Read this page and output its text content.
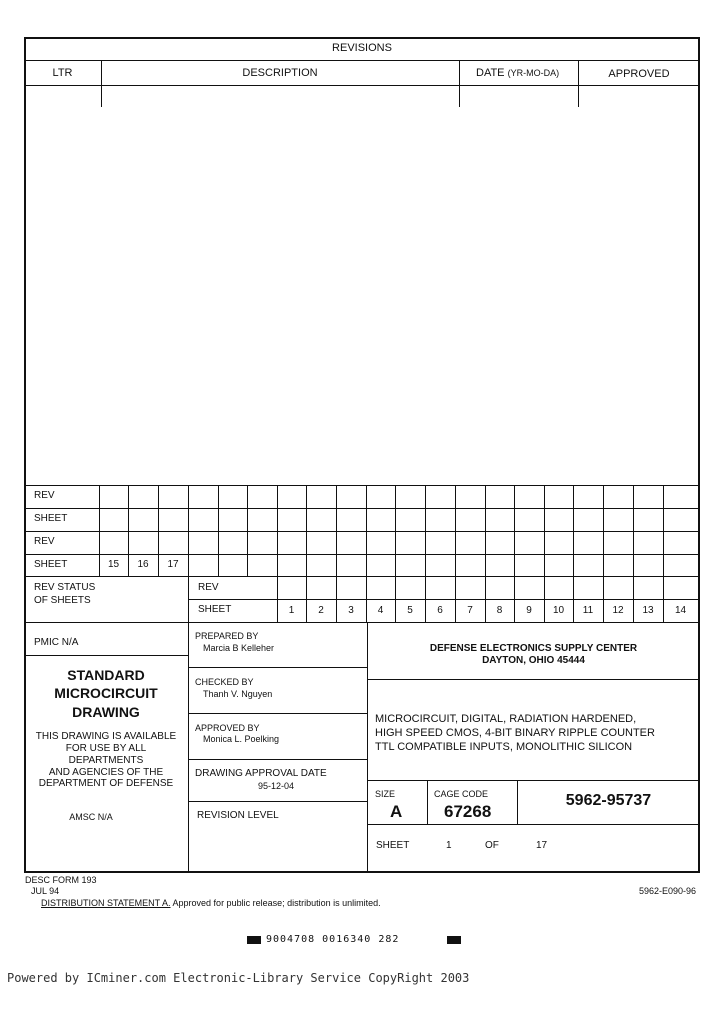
REVISIONS
LTR	DESCRIPTION	DATE (YR-MO-DA)	APPROVED
REV
SHEET
REV
SHEET	15	16	17
REV STATUS
OF SHEETS
REV
SHEET	1	2	3	4	5	6	7	8	9	10	11	12	13	14
PMIC N/A
STANDARD
MICROCIRCUIT
DRAWING
THIS DRAWING IS AVAILABLE
FOR USE BY ALL
DEPARTMENTS
AND AGENCIES OF THE
DEPARTMENT OF DEFENSE
AMSC N/A
PREPARED BY
Marcia B Kelleher
CHECKED BY
Thanh V. Nguyen
APPROVED BY
Monica L. Poelking
DRAWING APPROVAL DATE
95-12-04
REVISION LEVEL
DEFENSE ELECTRONICS SUPPLY CENTER
DAYTON, OHIO 45444
MICROCIRCUIT, DIGITAL, RADIATION HARDENED,
HIGH SPEED CMOS, 4-BIT BINARY RIPPLE COUNTER
TTL COMPATIBLE INPUTS, MONOLITHIC SILICON
SIZE
A
CAGE CODE
67268
5962-95737
SHEET	1	OF	17
DESC FORM 193
JUL 94	5962-E090-96
DISTRIBUTION STATEMENT A. Approved for public release; distribution is unlimited.
9004708 0016340 282
Powered by ICminer.com Electronic-Library Service CopyRight 2003
